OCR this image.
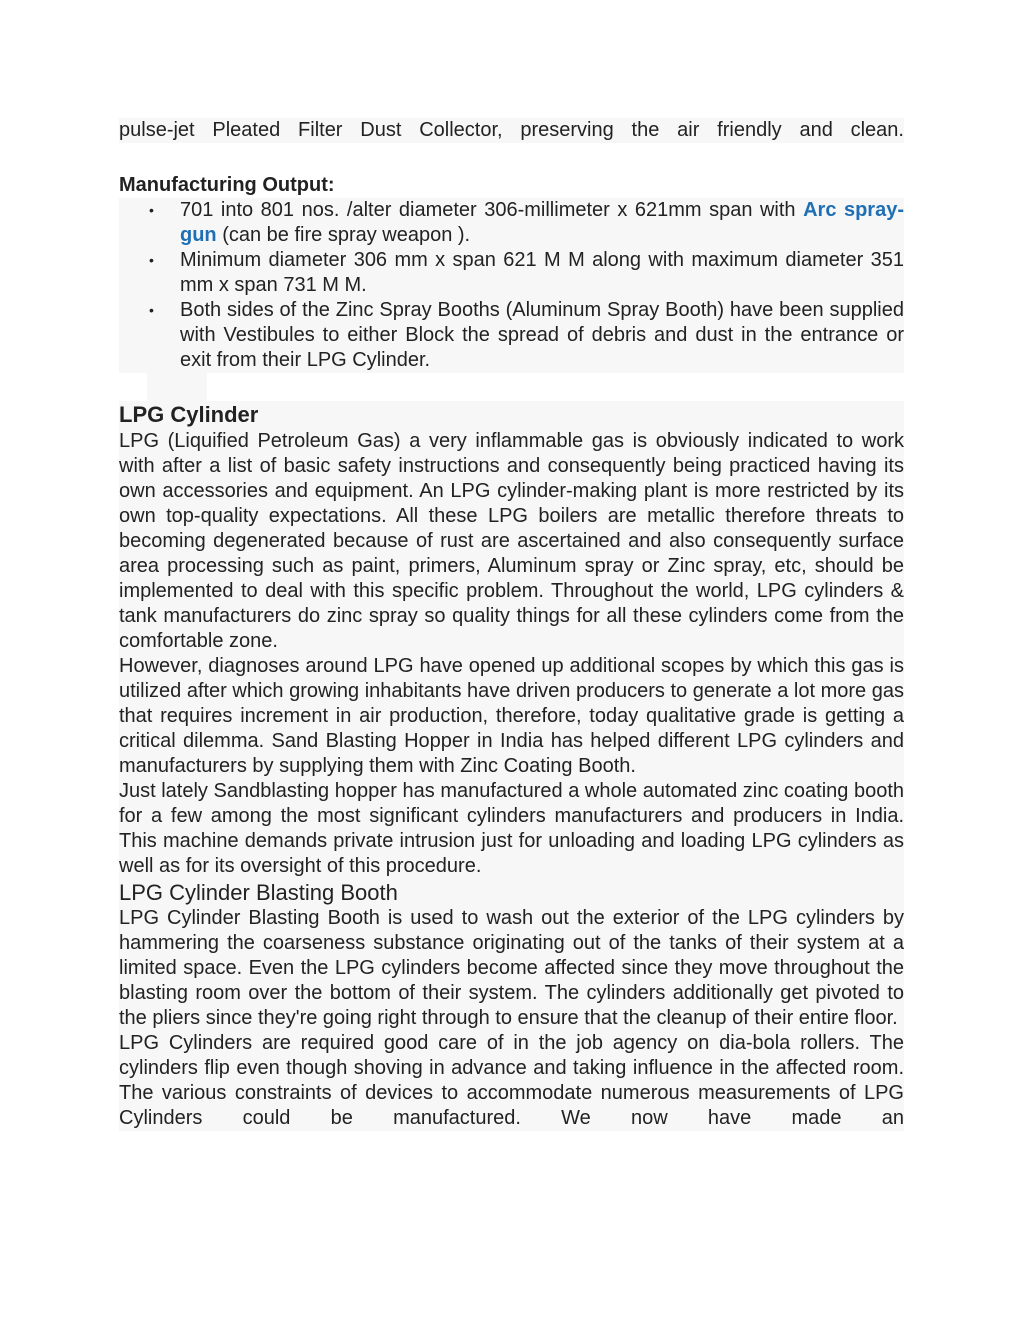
pulse-jet Pleated Filter Dust Collector, preserving the air friendly and clean.

Manufacturing Output:
•	701 into 801 nos. /alter diameter 306-millimeter x 621mm span with Arc spray-gun (can be fire spray weapon ).
•	Minimum diameter 306 mm x span 621 M M along with maximum diameter 351 mm x span 731 M M.
•	Both sides of the Zinc Spray Booths (Aluminum Spray Booth) have been supplied with Vestibules to either Block the spread of debris and dust in the entrance or exit from their LPG Cylinder.
LPG Cylinder

LPG (Liquified Petroleum Gas) a very inflammable gas is obviously indicated to work with after a list of basic safety instructions and consequently being practiced having its own accessories and equipment. An LPG cylinder-making plant is more restricted by its own top-quality expectations. All these LPG boilers are metallic therefore threats to becoming degenerated because of rust are ascertained and also consequently surface area processing such as paint, primers, Aluminum spray or Zinc spray, etc, should be implemented to deal with this specific problem. Throughout the world, LPG cylinders & tank manufacturers do zinc spray so quality things for all these cylinders come from the comfortable zone.

However, diagnoses around LPG have opened up additional scopes by which this gas is utilized after which growing inhabitants have driven producers to generate a lot more gas that requires increment in air production, therefore, today qualitative grade is getting a critical dilemma. Sand Blasting Hopper in India has helped different LPG cylinders and manufacturers by supplying them with Zinc Coating Booth.

Just lately Sandblasting hopper has manufactured a whole automated zinc coating booth for a few among the most significant cylinders manufacturers and producers in India. This machine demands private intrusion just for unloading and loading LPG cylinders as well as for its oversight of this procedure.

LPG Cylinder Blasting Booth

LPG Cylinder Blasting Booth is used to wash out the exterior of the LPG cylinders by hammering the coarseness substance originating out of the tanks of their system at a limited space. Even the LPG cylinders become affected since they move throughout the blasting room over the bottom of their system. The cylinders additionally get pivoted to the pliers since they're going right through to ensure that the cleanup of their entire floor.

LPG Cylinders are required good care of in the job agency on dia-bola rollers. The cylinders flip even though shoving in advance and taking influence in the affected room. The various constraints of devices to accommodate numerous measurements of LPG Cylinders could be manufactured. We now have made an
